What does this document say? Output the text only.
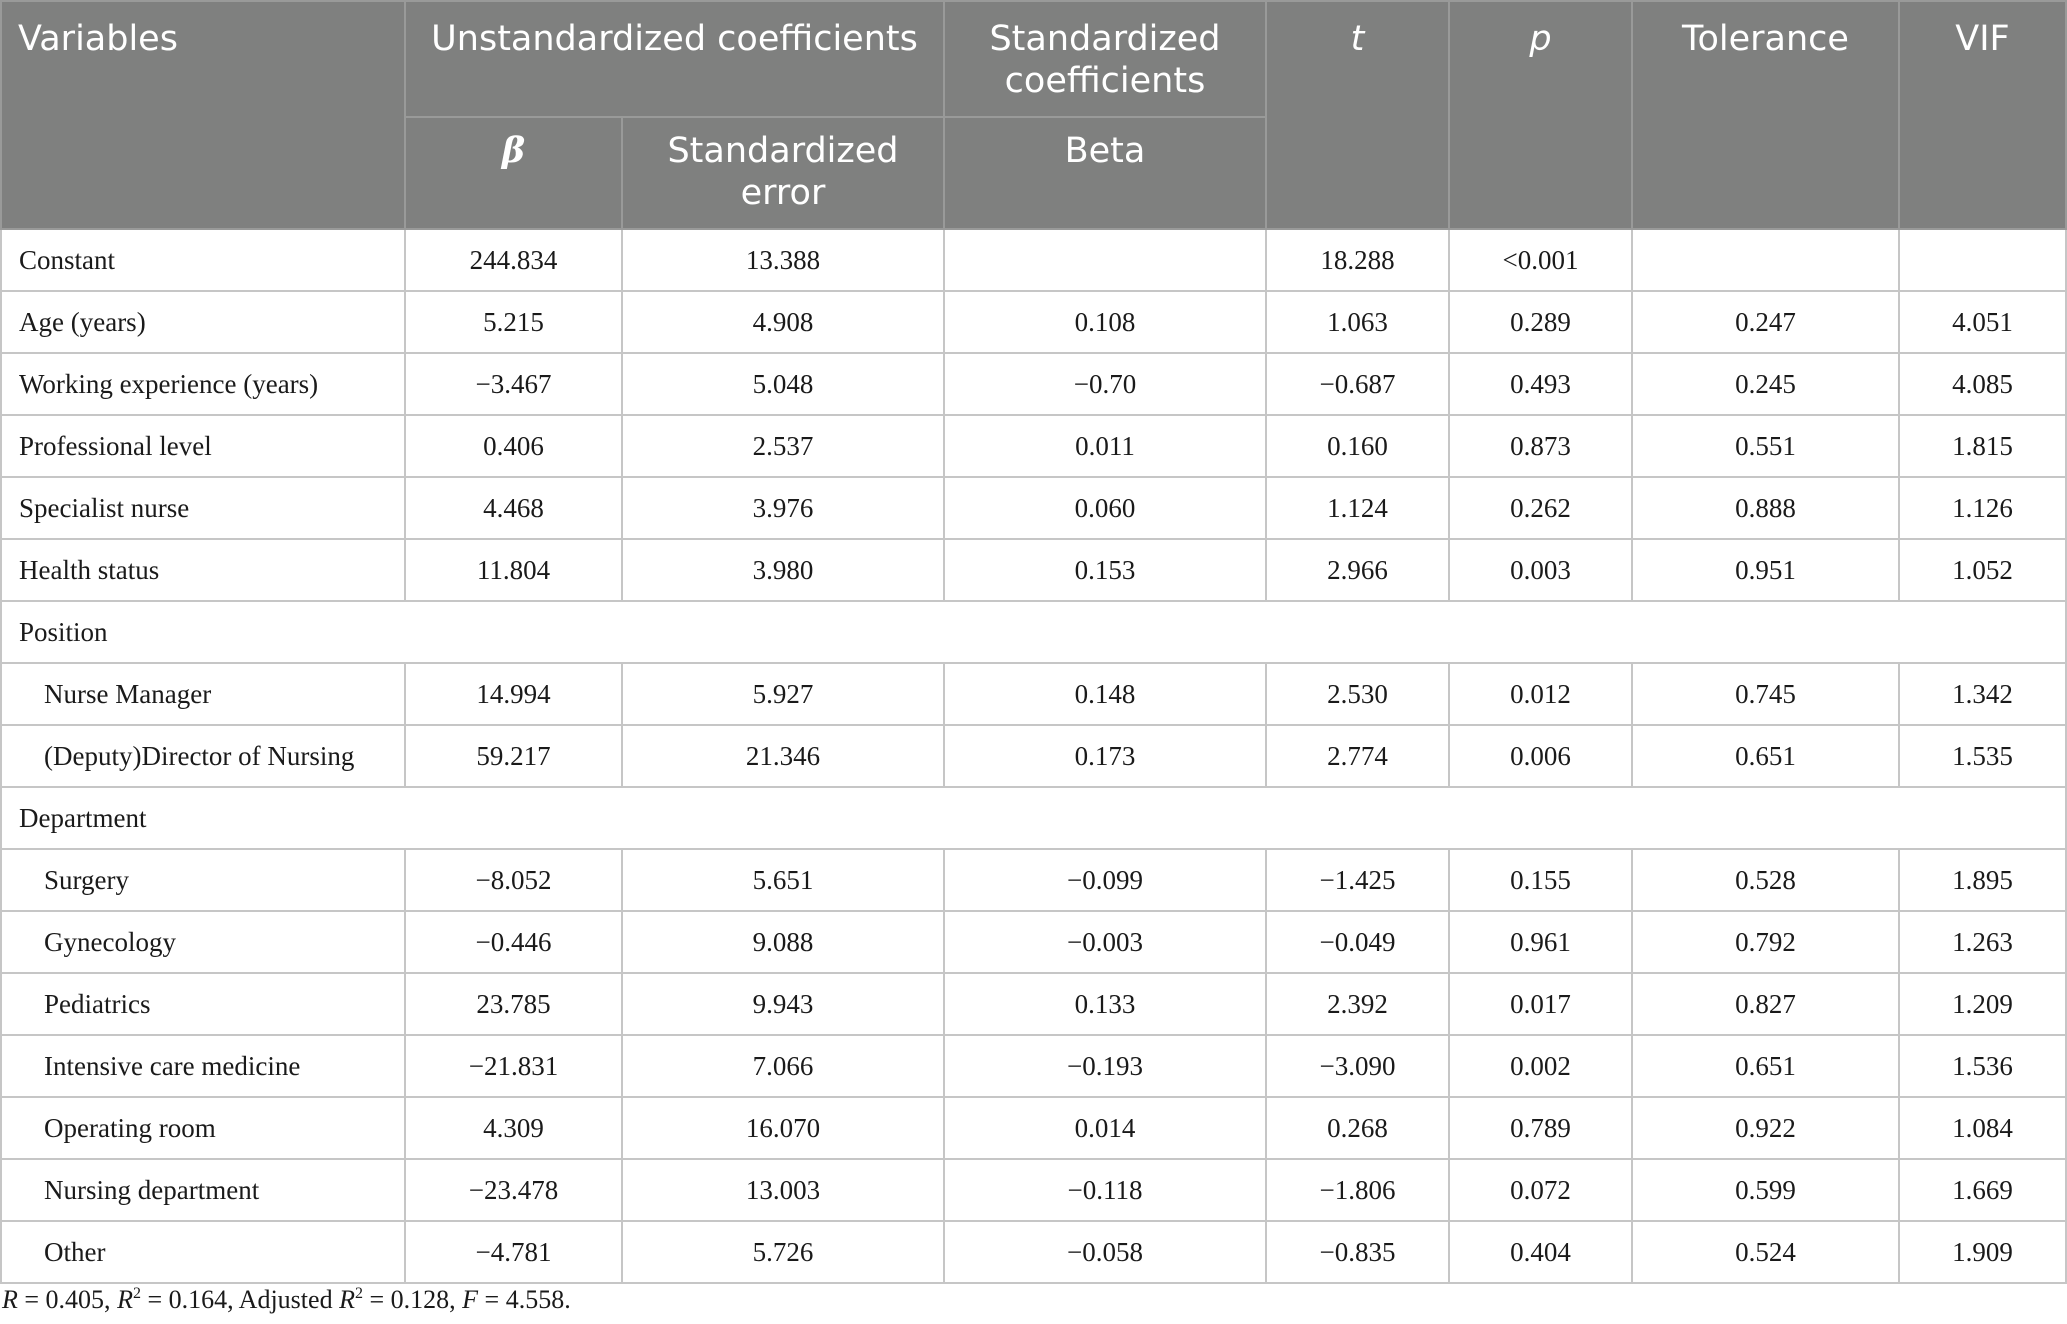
Variables	Unstandardized coefficients		Standardized coefficients	t	p	Tolerance	VIF
	β	Standardized error	Beta				
Constant	244.834	13.388		18.288	<0.001		
Age (years)	5.215	4.908	0.108	1.063	0.289	0.247	4.051
Working experience (years)	−3.467	5.048	−0.70	−0.687	0.493	0.245	4.085
Professional level	0.406	2.537	0.011	0.160	0.873	0.551	1.815
Specialist nurse	4.468	3.976	0.060	1.124	0.262	0.888	1.126
Health status	11.804	3.980	0.153	2.966	0.003	0.951	1.052
Position							
Nurse Manager	14.994	5.927	0.148	2.530	0.012	0.745	1.342
(Deputy)Director of Nursing	59.217	21.346	0.173	2.774	0.006	0.651	1.535
Department							
Surgery	−8.052	5.651	−0.099	−1.425	0.155	0.528	1.895
Gynecology	−0.446	9.088	−0.003	−0.049	0.961	0.792	1.263
Pediatrics	23.785	9.943	0.133	2.392	0.017	0.827	1.209
Intensive care medicine	−21.831	7.066	−0.193	−3.090	0.002	0.651	1.536
Operating room	4.309	16.070	0.014	0.268	0.789	0.922	1.084
Nursing department	−23.478	13.003	−0.118	−1.806	0.072	0.599	1.669
Other	−4.781	5.726	−0.058	−0.835	0.404	0.524	1.909
R = 0.405, $R^2 = 0.164$, Adjusted $R^2 = 0.128$, F = 4.558.
